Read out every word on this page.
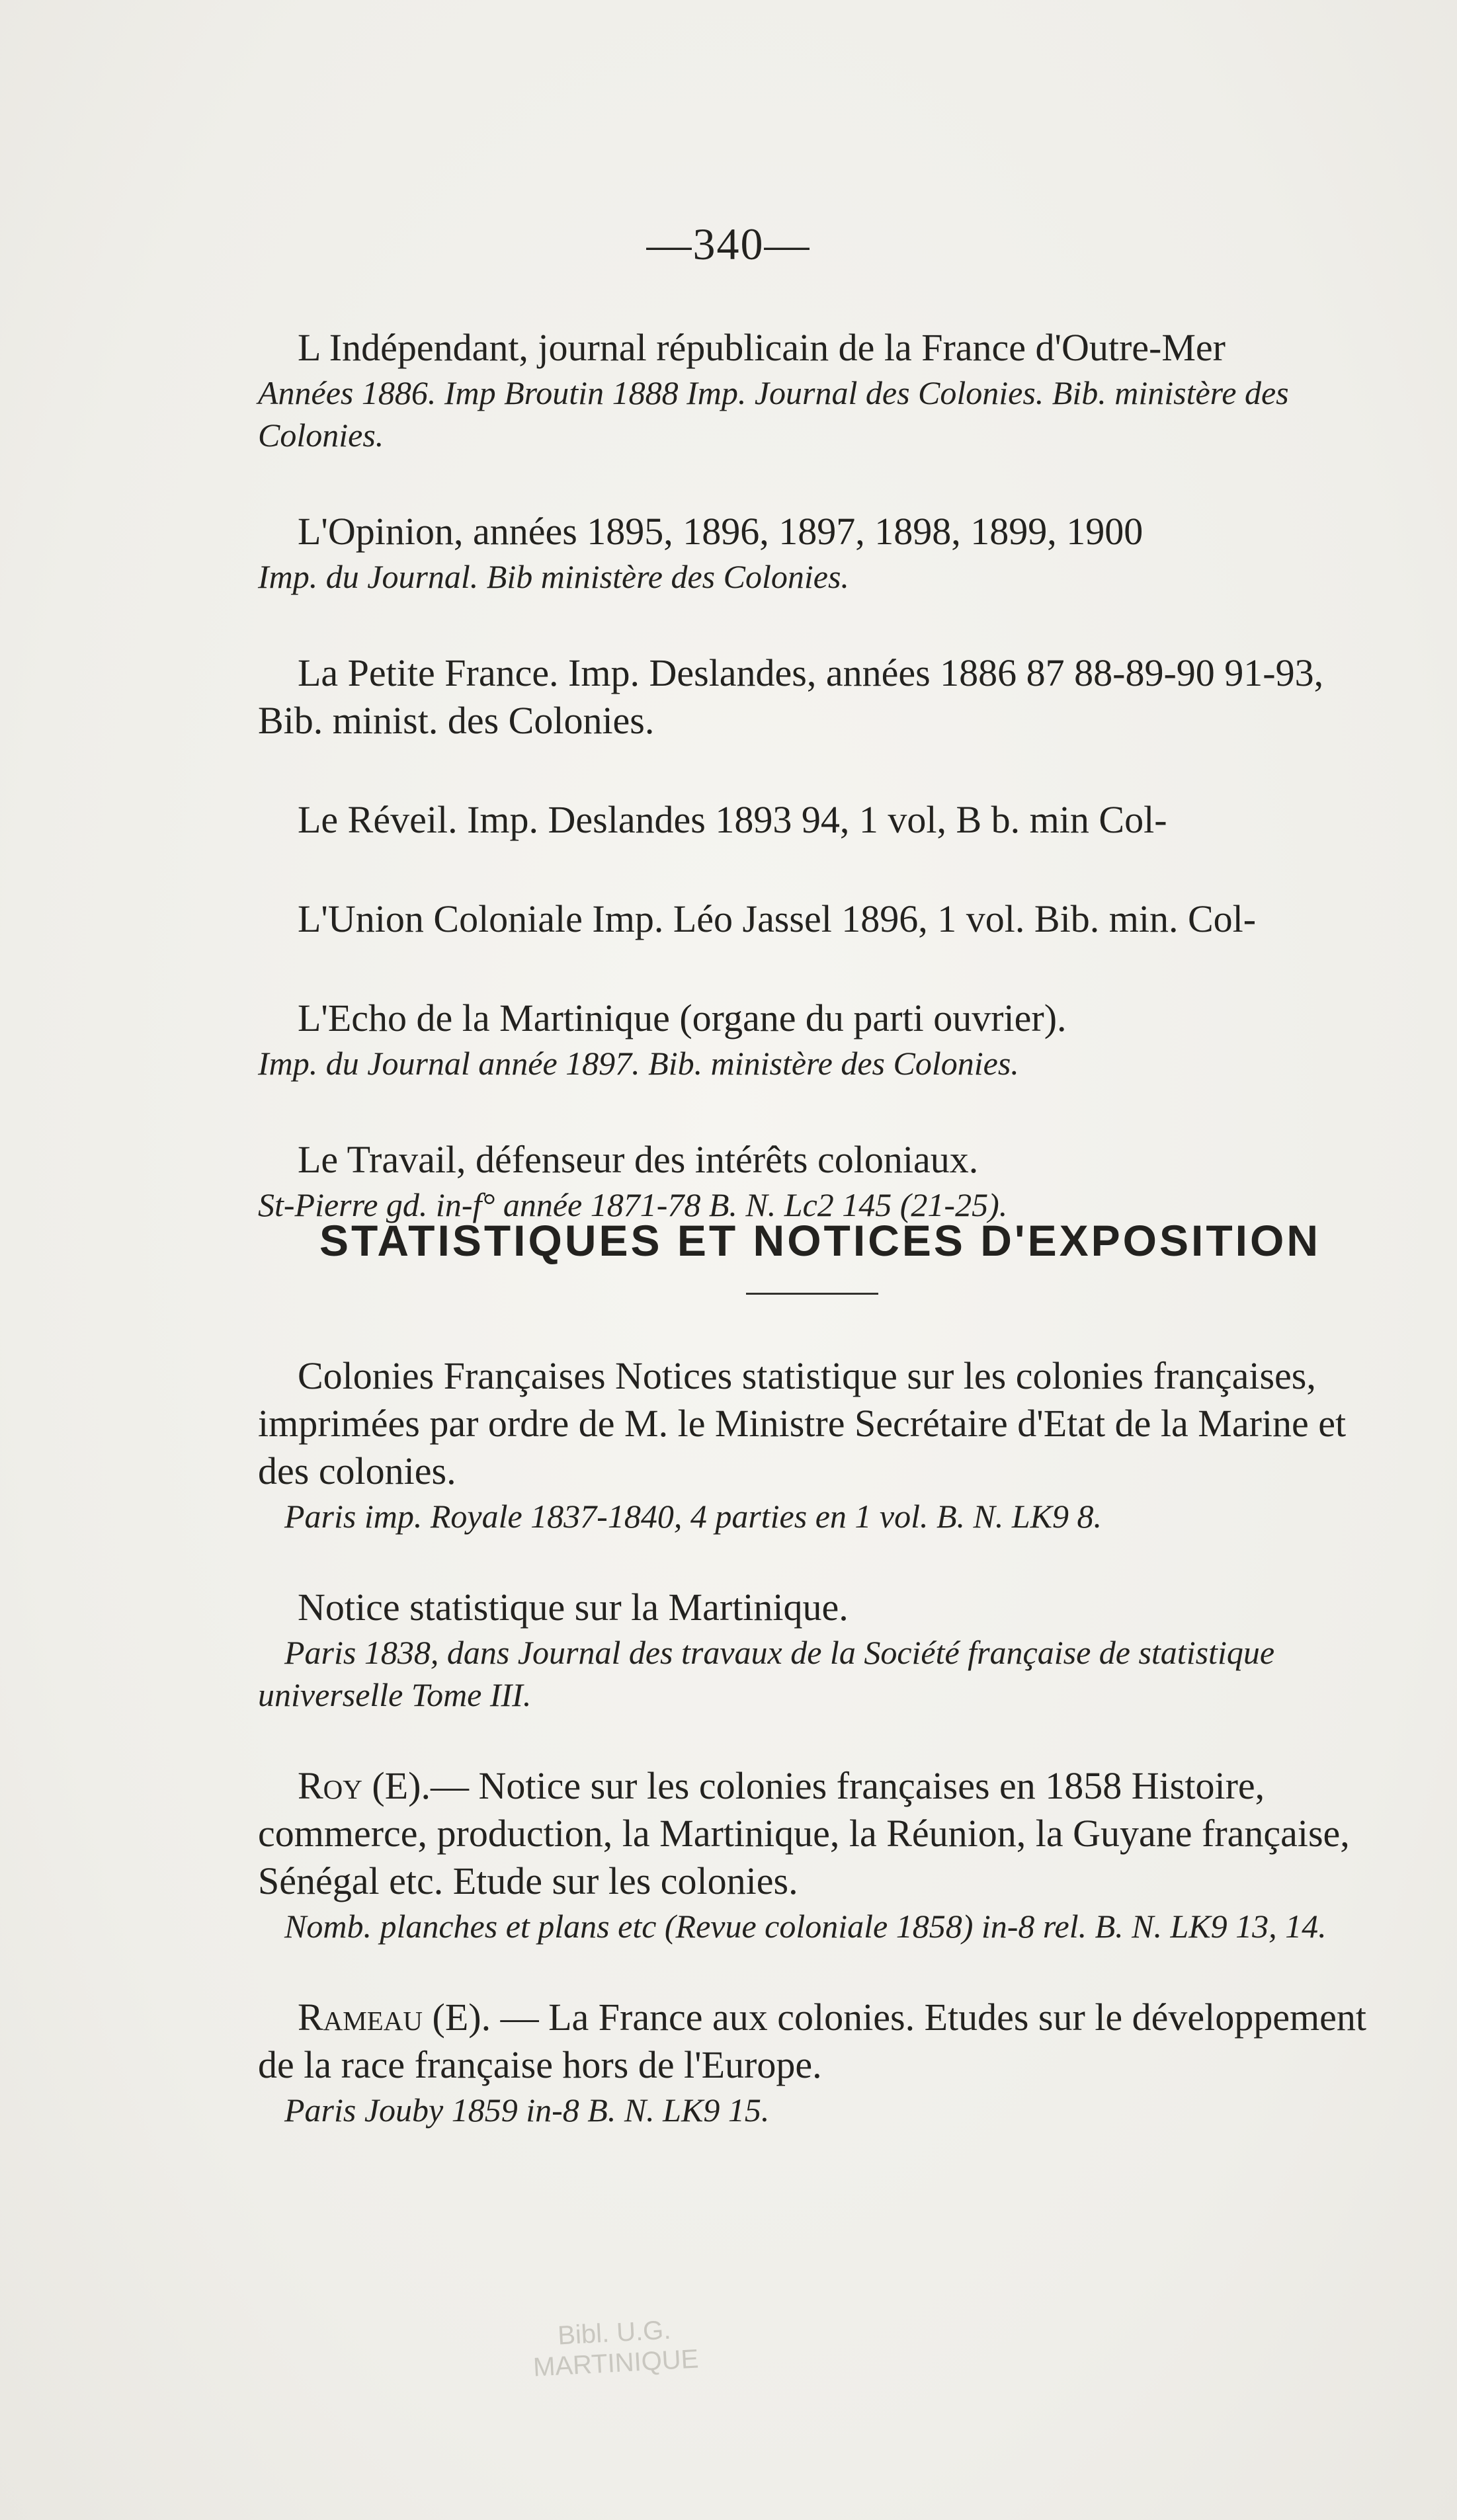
—340—

L Indépendant, journal républicain de la France d'Outre-Mer

Années 1886. Imp Broutin 1888 Imp. Journal des Colonies. Bib. ministère des Colonies.

L'Opinion, années 1895, 1896, 1897, 1898, 1899, 1900

Imp. du Journal. Bib ministère des Colonies.

La Petite France. Imp. Deslandes, années 1886 87 88-89-90 91-93, Bib. minist. des Colonies.

Le Réveil. Imp. Deslandes 1893 94, 1 vol, B b. min Col-

L'Union Coloniale Imp. Léo Jassel 1896, 1 vol. Bib. min. Col-

L'Echo de la Martinique (organe du parti ouvrier).

Imp. du Journal année 1897. Bib. ministère des Colonies.

Le Travail, défenseur des intérêts coloniaux.

St-Pierre gd. in-f° année 1871-78 B. N. Lc2 145 (21-25).

STATISTIQUES ET NOTICES D'EXPOSITION

Colonies Françaises Notices statistique sur les colonies françaises, imprimées par ordre de M. le Ministre Secrétaire d'Etat de la Marine et des colonies.

Paris imp. Royale 1837-1840, 4 parties en 1 vol. B. N. LK9 8.

Notice statistique sur la Martinique.

Paris 1838, dans Journal des travaux de la Société française de statistique universelle Tome III.

Roy (E).— Notice sur les colonies françaises en 1858 Histoire, commerce, production, la Martinique, la Réunion, la Guyane française, Sénégal etc. Etude sur les colonies.

Nomb. planches et plans etc (Revue coloniale 1858) in-8 rel. B. N. LK9 13, 14.

Rameau (E). — La France aux colonies. Etudes sur le développement de la race française hors de l'Europe.

Paris Jouby 1859 in-8 B. N. LK9 15.

Bibl. U.G.
MARTINIQUE
